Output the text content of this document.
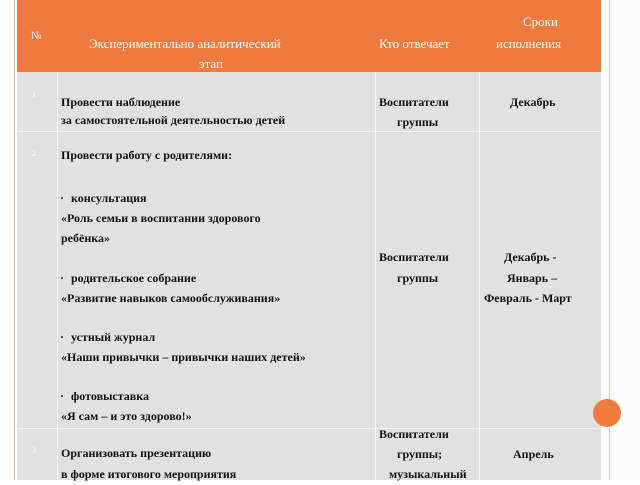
№	Экспериментально аналитический
этап
Кто отвечает
Сроки
исполнения
1
Провести наблюдение
за самостоятельной деятельностью детей
Воспитатели
группы
Декабрь
2 Провести работу с родителями:
· консультация
«Роль семьи в воспитании здорового
ребёнка»
· родительское собрание
«Развитие навыков самообслуживания»
· устный журнал
«Наши привычки – привычки наших детей»
· фотовыставка
«Я сам – и это здорово!»
Воспитатели
группы
Декабрь -
Январь –
Февраль - Март
3 Организовать презентацию
в форме итогового мероприятия
Воспитатели
группы;
музыкальный
Апрель
